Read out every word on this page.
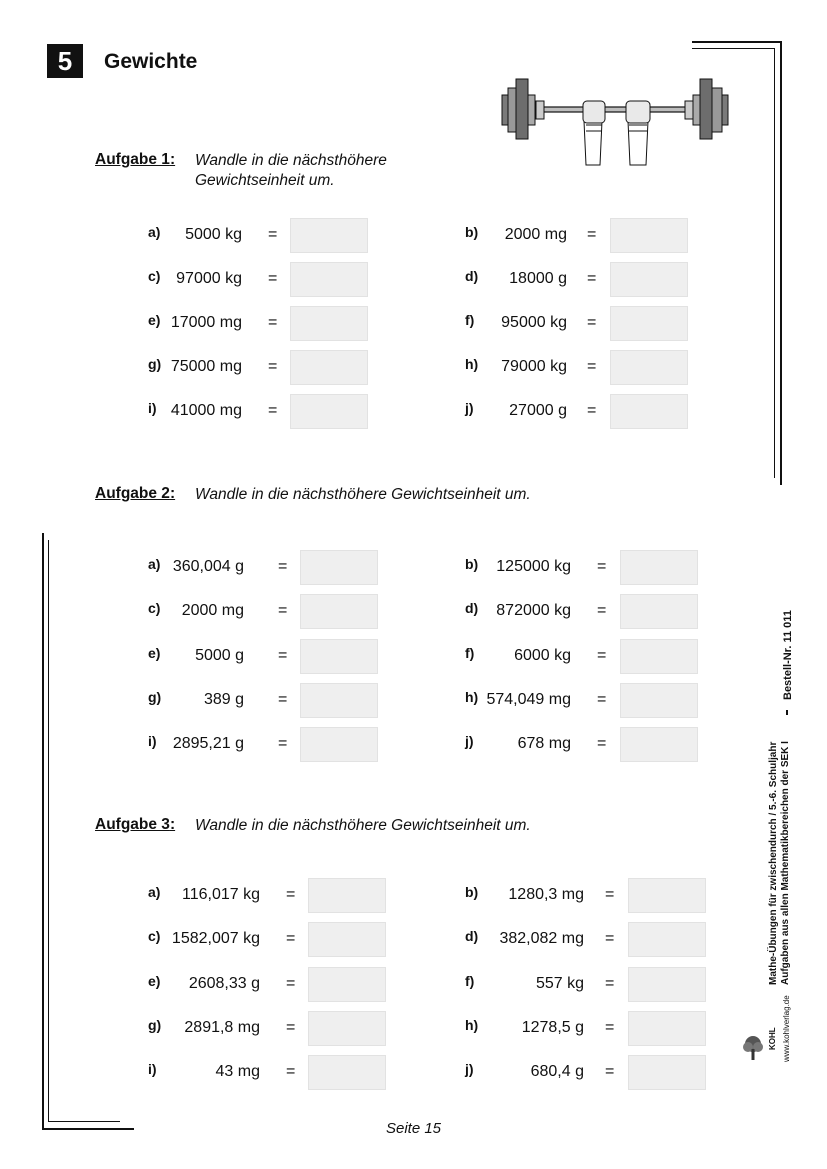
5	Gewichte
Aufgabe 1: Wandle in die nächsthöhere
Gewichtseinheit um.
Aufgabe 2: Wandle in die nächsthöhere Gewichtseinheit um.
Aufgabe 3: Wandle in die nächsthöhere Gewichtseinheit um.
a)	5000 kg =	b)	2000 mg =
c) 97000 kg =	d)	18000 g =
e) 17000 mg =	f)	95000 kg =
g) 75000 mg =	h)	79000 kg =
i) 41000 mg =	j)	27000 g =
a) 360,004 g =	b)	125000 kg =
c)	2000 mg =	d)	872000 kg =
e)	5000 g =	f)	6000 kg =
g)	389 g =	h) 574,049 mg =
i)	2895,21 g =	j)	678 mg =
a)	116,017 kg =	b)	1280,3 mg =
c) 1582,007 kg =	d)	382,082 mg =
e)	2608,33 g =	f)	557 kg =
g)	2891,8 mg =	h)	1278,5 g =
i)	43 mg =	j)	680,4 g =
Mathe-Übungen für zwischendurch / 5.-6. Schuljahr Aufgaben aus allen Mathematikbereichen der SEK I
Bestell-Nr. 11 011
KOHL www.kohlverlag.de
Seite 15
